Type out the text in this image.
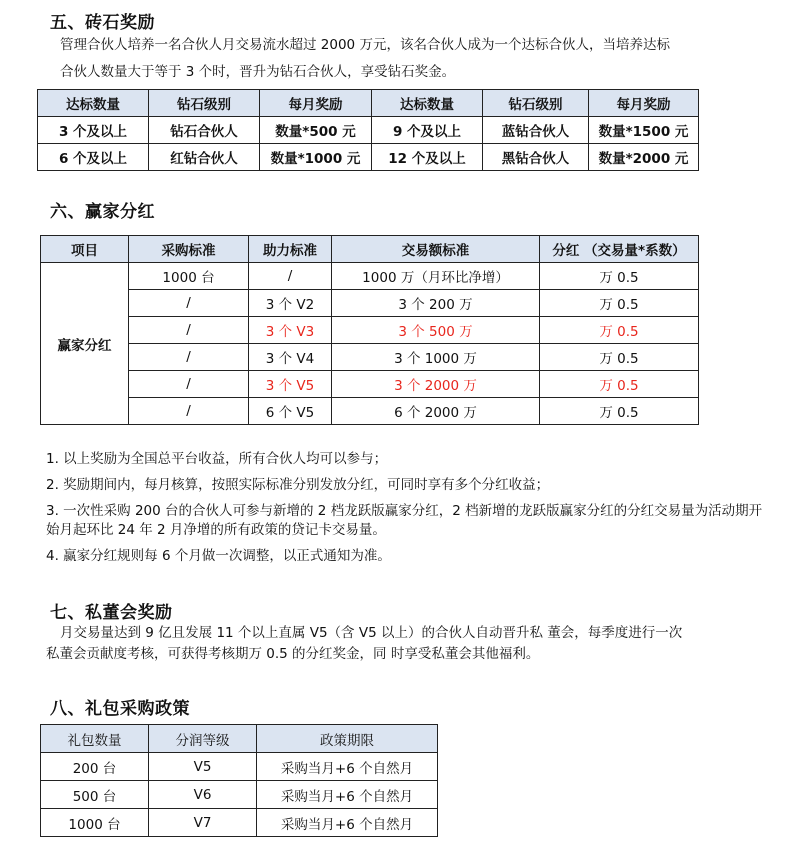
五、砖石奖励
管理合伙人培养一名合伙人月交易流水超过 2000 万元，该名合伙人成为一个达标合伙人，当培养达标
合伙人数量大于等于 3 个时，晋升为钻石合伙人，享受钻石奖金。
达标数量	钻石级别	每月奖励	达标数量	钻石级别	每月奖励
3 个及以上	钻石合伙人	数量*500 元	9 个及以上	蓝钻合伙人	数量*1500 元
6 个及以上	红钻合伙人	数量*1000 元	12 个及以上	黑钻合伙人	数量*2000 元
六、赢家分红
项目	采购标准	助力标准	交易额标准	分红 （交易量*系数）
赢家分红	1000 台	/	1000 万（月环比净增）	万 0.5
	/	3 个 V2	3 个 200 万	万 0.5
	/	3 个 V3	3 个 500 万	万 0.5
	/	3 个 V4	3 个 1000 万	万 0.5
	/	3 个 V5	3 个 2000 万	万 0.5
	/	6 个 V5	6 个 2000 万	万 0.5
1. 以上奖励为全国总平台收益，所有合伙人均可以参与；
2. 奖励期间内，每月核算，按照实际标准分别发放分红，可同时享有多个分红收益；
3. 一次性采购 200 台的合伙人可参与新增的 2 档龙跃版赢家分红，2 档新增的龙跃版赢家分红的分红交易量为活动期开始月起环比 24 年 2 月净增的所有政策的贷记卡交易量。
4. 赢家分红规则每 6 个月做一次调整，以正式通知为准。
七、私董会奖励
月交易量达到 9 亿且发展 11 个以上直属 V5（含 V5 以上）的合伙人自动晋升私 董会，每季度进行一次
私董会贡献度考核，可获得考核期万 0.5 的分红奖金，同 时享受私董会其他福利。
八、礼包采购政策
礼包数量	分润等级	政策期限
200 台	V5	采购当月+6 个自然月
500 台	V6	采购当月+6 个自然月
1000 台	V7	采购当月+6 个自然月
